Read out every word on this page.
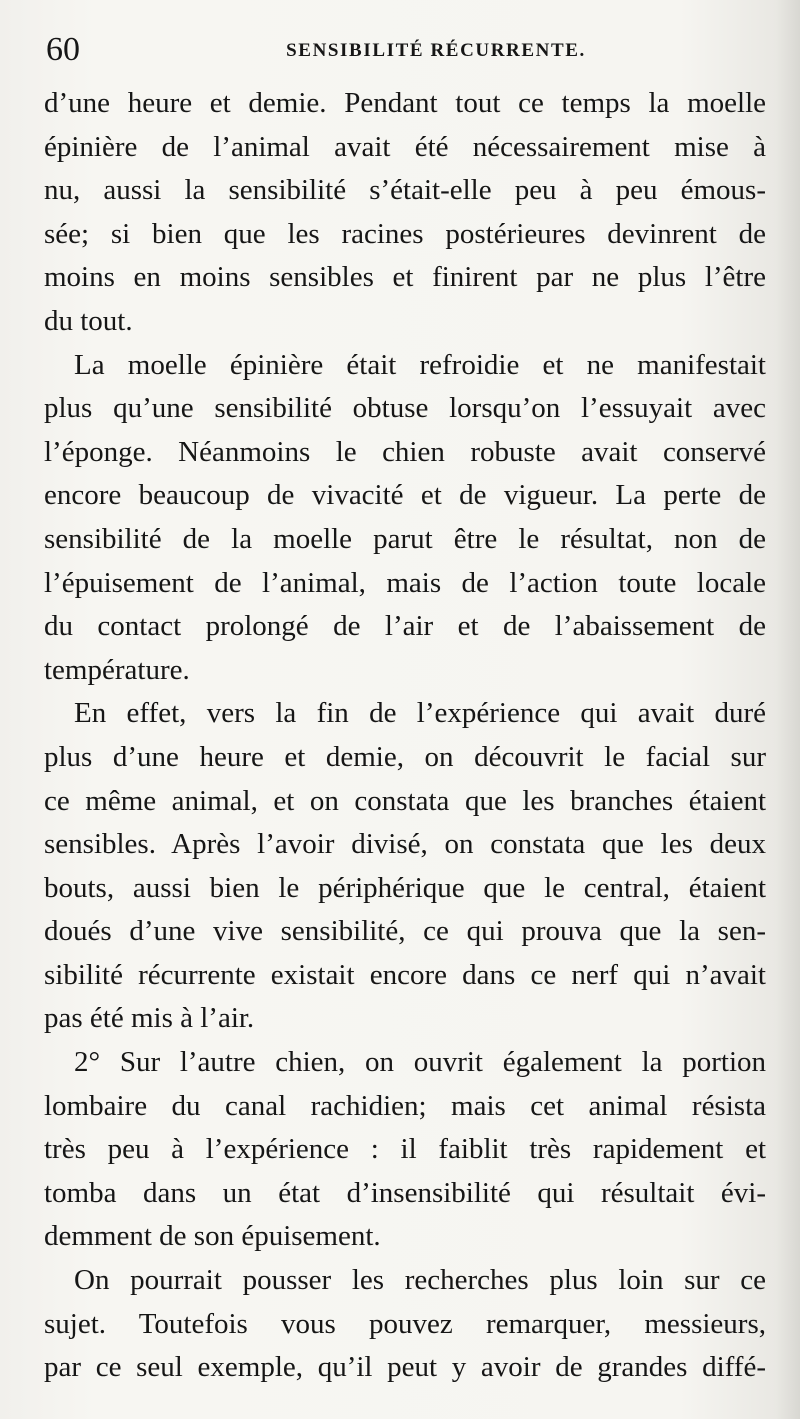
60	SENSIBILITÉ RÉCURRENTE.
d’une heure et demie. Pendant tout ce temps la moelle
épinière de l’animal avait été nécessairement mise à
nu, aussi la sensibilité s’était-elle peu à peu émous-
sée; si bien que les racines postérieures devinrent de
moins en moins sensibles et finirent par ne plus l’être
du tout.
La moelle épinière était refroidie et ne manifestait
plus qu’une sensibilité obtuse lorsqu’on l’essuyait avec
l’éponge. Néanmoins le chien robuste avait conservé
encore beaucoup de vivacité et de vigueur. La perte de
sensibilité de la moelle parut être le résultat, non de
l’épuisement de l’animal, mais de l’action toute locale
du contact prolongé de l’air et de l’abaissement de
température.
En effet, vers la fin de l’expérience qui avait duré
plus d’une heure et demie, on découvrit le facial sur
ce même animal, et on constata que les branches étaient
sensibles. Après l’avoir divisé, on constata que les deux
bouts, aussi bien le périphérique que le central, étaient
doués d’une vive sensibilité, ce qui prouva que la sen-
sibilité récurrente existait encore dans ce nerf qui n’avait
pas été mis à l’air.
2° Sur l’autre chien, on ouvrit également la portion
lombaire du canal rachidien; mais cet animal résista
très peu à l’expérience : il faiblit très rapidement et
tomba dans un état d’insensibilité qui résultait évi-
demment de son épuisement.
On pourrait pousser les recherches plus loin sur ce
sujet. Toutefois vous pouvez remarquer, messieurs,
par ce seul exemple, qu’il peut y avoir de grandes diffé-
